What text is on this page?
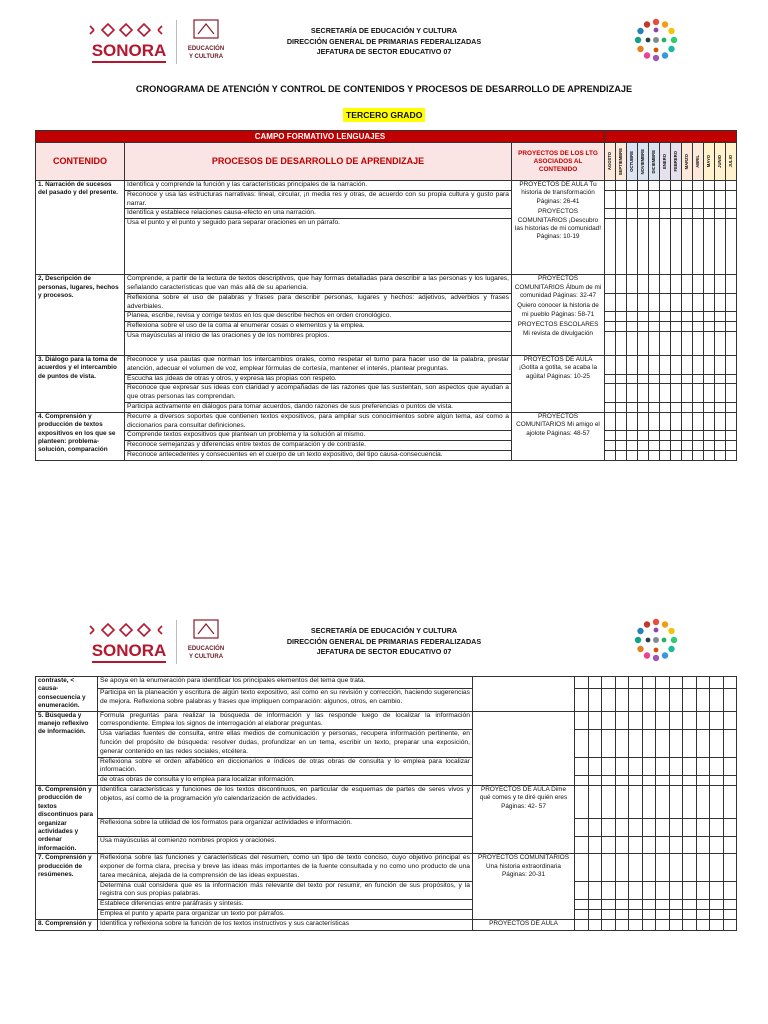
SONORA	EDUCACIÓN
Y CULTURA
SECRETARÍA DE EDUCACIÓN Y CULTURA
DIRECCIÓN GENERAL DE PRIMARIAS FEDERALIZADAS
JEFATURA DE SECTOR EDUCATIVO 07
CRONOGRAMA DE ATENCIÓN Y CONTROL DE CONTENIDOS Y PROCESOS DE DESARROLLO DE APRENDIZAJE
TERCERO GRADO
CAMPO FORMATIVO LENGUAJES														
CONTENIDO	PROCESOS DE DESARROLLO DE APRENDIZAJE	PROYECTOS DE LOS LTG ASOCIADOS AL CONTENIDO	AGOSTO	SEPTIEMBRE	OCTUBRE	NOVIEMBRE	DICIEMBRE	ENERO	FEBRERO	MARZO	ABRIL	MAYO	JUNIO	JULIO

1. Narración de sucesos del pasado y del presente.	Identifica y comprende la función y las características principales de la narración.	PROYECTOS DE AULA Tu historia de transformación Páginas: 26-41
PROYECTOS COMUNITARIOS ¡Descubro las historias de mi comunidad! Páginas: 10-19												

	Reconoce y usa las estructuras narrativas: lineal, circular, ¡n media res y otras, de acuerdo con su propia cultura y gusto para narrar.													
	Identifica y establece relaciones causa-efecto en una narración.													
	Usa el punto y el punto y seguido para separar oraciones en un párrafo.													
2, Descripción de personas, lugares, hechos y procesos.	Comprende, a partir de la lectura de textos descriptivos, que hay formas detalladas para describir a las personas y los lugares, señalando características que van más allá de su apariencia.	PROYECTOS COMUNITARIOS Álbum de mi comunidad Páginas: 32-47
Quiero conocer la historia de mi pueblo Páginas: 58-71
PROYECTOS ESCOLARES Mi revista de divulgación												

	Reflexiona sobre el uso de palabras y frases para describir personas, lugares y hechos: adjetivos, adverbios y frases adverbiales.													
	Planea, escribe, revisa y corrige textos en los que describe hechos en orden cronológico.													
	Reflexiona sobre el uso de la coma al enumerar cosas o elementos y la emplea.													
	Usa mayúsculas al inicio de las oraciones y de los nombres propios.													
3. Diálogo para la toma de acuerdos y el intercambio de puntos de vista.	Reconoce y usa pautas que norman los intercambios orales, como respetar el turno para hacer uso de la palabra, prestar atención, adecuar el volumen de voz, emplear fórmulas de cortesía, mantener el interés, plantear preguntas.	PROYECTOS DE AULA ¡Gotita a gotita, se acaba la agüita! Páginas: 10-25												

	Escucha las ¡ideas de otras y otros, y expresa las propias con respeto.													
	Reconoce que expresar sus ideas con claridad y acompañadas de las razones que las sustentan, son aspectos que ayudan a que otras personas las comprendan.													
	Participa activamente en diálogos para tomar acuerdos, dando razones de sus preferencias o puntos de vista.													
4. Comprensión y producción de textos expositivos en los que se planteen: problema-solución, comparación	Recurre a diversos soportes que contienen textos expositivos, para ampliar sus conocimientos sobre algún tema, así como a diccionarios para consultar definiciones.	PROYECTOS COMUNITARIOS Mi amigo el ajolote Páginas: 48-57												

	Comprende textos expositivos que plantean un problema y la solución al mismo.													
	Reconoce semejanzas y diferencias entre textos de comparación y de contraste.													
	Reconoce antecedentes y consecuentes en el cuerpo de un texto expositivo, del tipo causa-consecuencia.													
SONORA	EDUCACIÓN
Y CULTURA
SECRETARÍA DE EDUCACIÓN Y CULTURA
DIRECCIÓN GENERAL DE PRIMARIAS FEDERALIZADAS
JEFATURA DE SECTOR EDUCATIVO 07
contraste, < causa-consecuencia y enumeración.	Se apoya en la enumeración para identificar los principales elementos del tema que trata.													
	Participa en la planeación y escritura de algún texto expositivo, así como en su revisión y corrección, haciendo sugerencias de mejora. Reflexiona sobre palabras y frases que impliquen comparación: algunos, otros, en cambio.													
5. Búsqueda y manejo reflexivo de información.	Formula preguntas para realizar la búsqueda de información y las responde luego de localizar la información correspondiente. Emplea los signos de interrogación al elaborar preguntas.													
	Usa variadas fuentes de consulta, entre ellas medios de comunicación y personas, recupera información pertinente, en función del propósito de búsqueda: resolver dudas, profundizar en un tema, escribir un texto, preparar una exposición, generar contenido en las redes sociales, etcétera.													
	Reflexiona sobre el orden alfabético en diccionarios e índices de otras obras de consulta y lo emplea para localizar información.													
	de otras obras de consulta y lo emplea para localizar información.													
6. Comprensión y producción de textos discontinuos para organizar actividades y ordenar información.	Identifica características y funciones de los textos discontinuos, en particular de esquemas de partes de seres vivos y objetos, así como de la programación y/o calendarización de actividades.	PROYECTOS DE AULA Dime qué comes y te diré quién eres Páginas: 42- 57												

	Reflexiona sobre la utilidad de los formatos para organizar actividades e información.													
	Usa mayúsculas al comienzo nombres propios y oraciones.													
7. Comprensión y producción de resúmenes.	Reflexiona sobre las funciones y características del resumen, como un tipo de texto conciso, cuyo objetivo principal es exponer de forma clara, precisa y breve las ideas más importantes de la fuente consultada y no como uno producto de una tarea mecánica, alejada de la comprensión de las ideas expuestas.	PROYECTOS COMUNITARIOS Una historia extraordinaria Páginas: 20-31												

	Determina cuál considera que es la información más relevante del texto por resumir, en función de sus propósitos, y la registra con sus propias palabras.													
	Establece diferencias entre paráfrasis y síntesis.													
	Emplea el punto y aparte para organizar un texto por párrafos.													
8. Comprensión y	Identifica y reflexiona sobre la función de los textos instructivos y sus características	PROYECTOS DE AULA												
